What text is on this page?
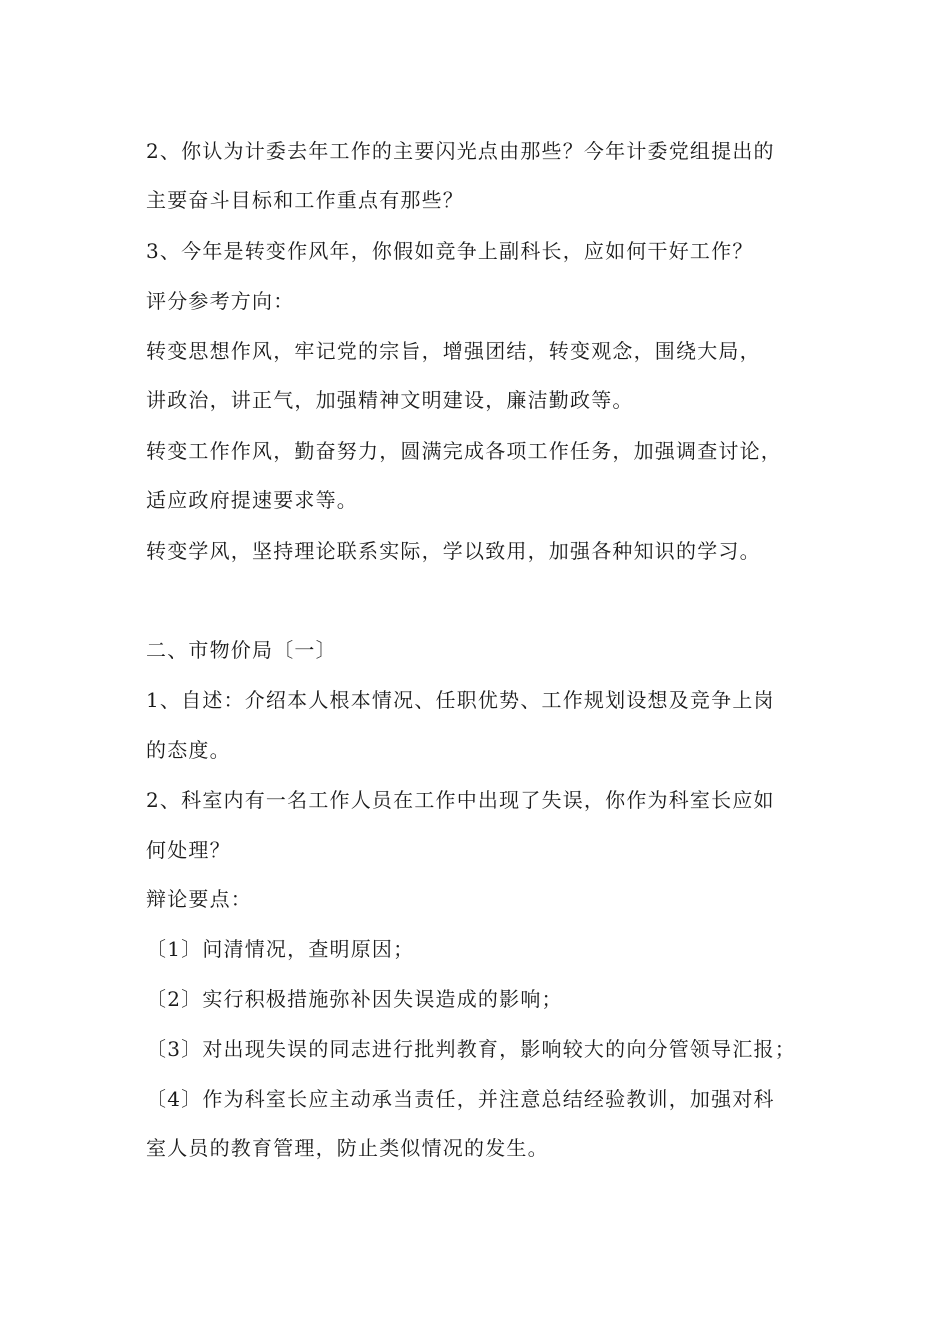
2、你认为计委去年工作的主要闪光点由那些？今年计委党组提出的
主要奋斗目标和工作重点有那些？
3、今年是转变作风年，你假如竞争上副科长，应如何干好工作？
评分参考方向：
转变思想作风，牢记党的宗旨，增强团结，转变观念，围绕大局，
讲政治，讲正气，加强精神文明建设，廉洁勤政等。
转变工作作风，勤奋努力，圆满完成各项工作任务，加强调查讨论，
适应政府提速要求等。
转变学风，坚持理论联系实际，学以致用，加强各种知识的学习。
二、市物价局〔一〕
1、自述：介绍本人根本情况、任职优势、工作规划设想及竞争上岗
的态度。
2、科室内有一名工作人员在工作中出现了失误，你作为科室长应如
何处理？
辩论要点：
〔1〕问清情况，查明原因；
〔2〕实行积极措施弥补因失误造成的影响；
〔3〕对出现失误的同志进行批判教育，影响较大的向分管领导汇报；
〔4〕作为科室长应主动承当责任，并注意总结经验教训，加强对科
室人员的教育管理，防止类似情况的发生。
